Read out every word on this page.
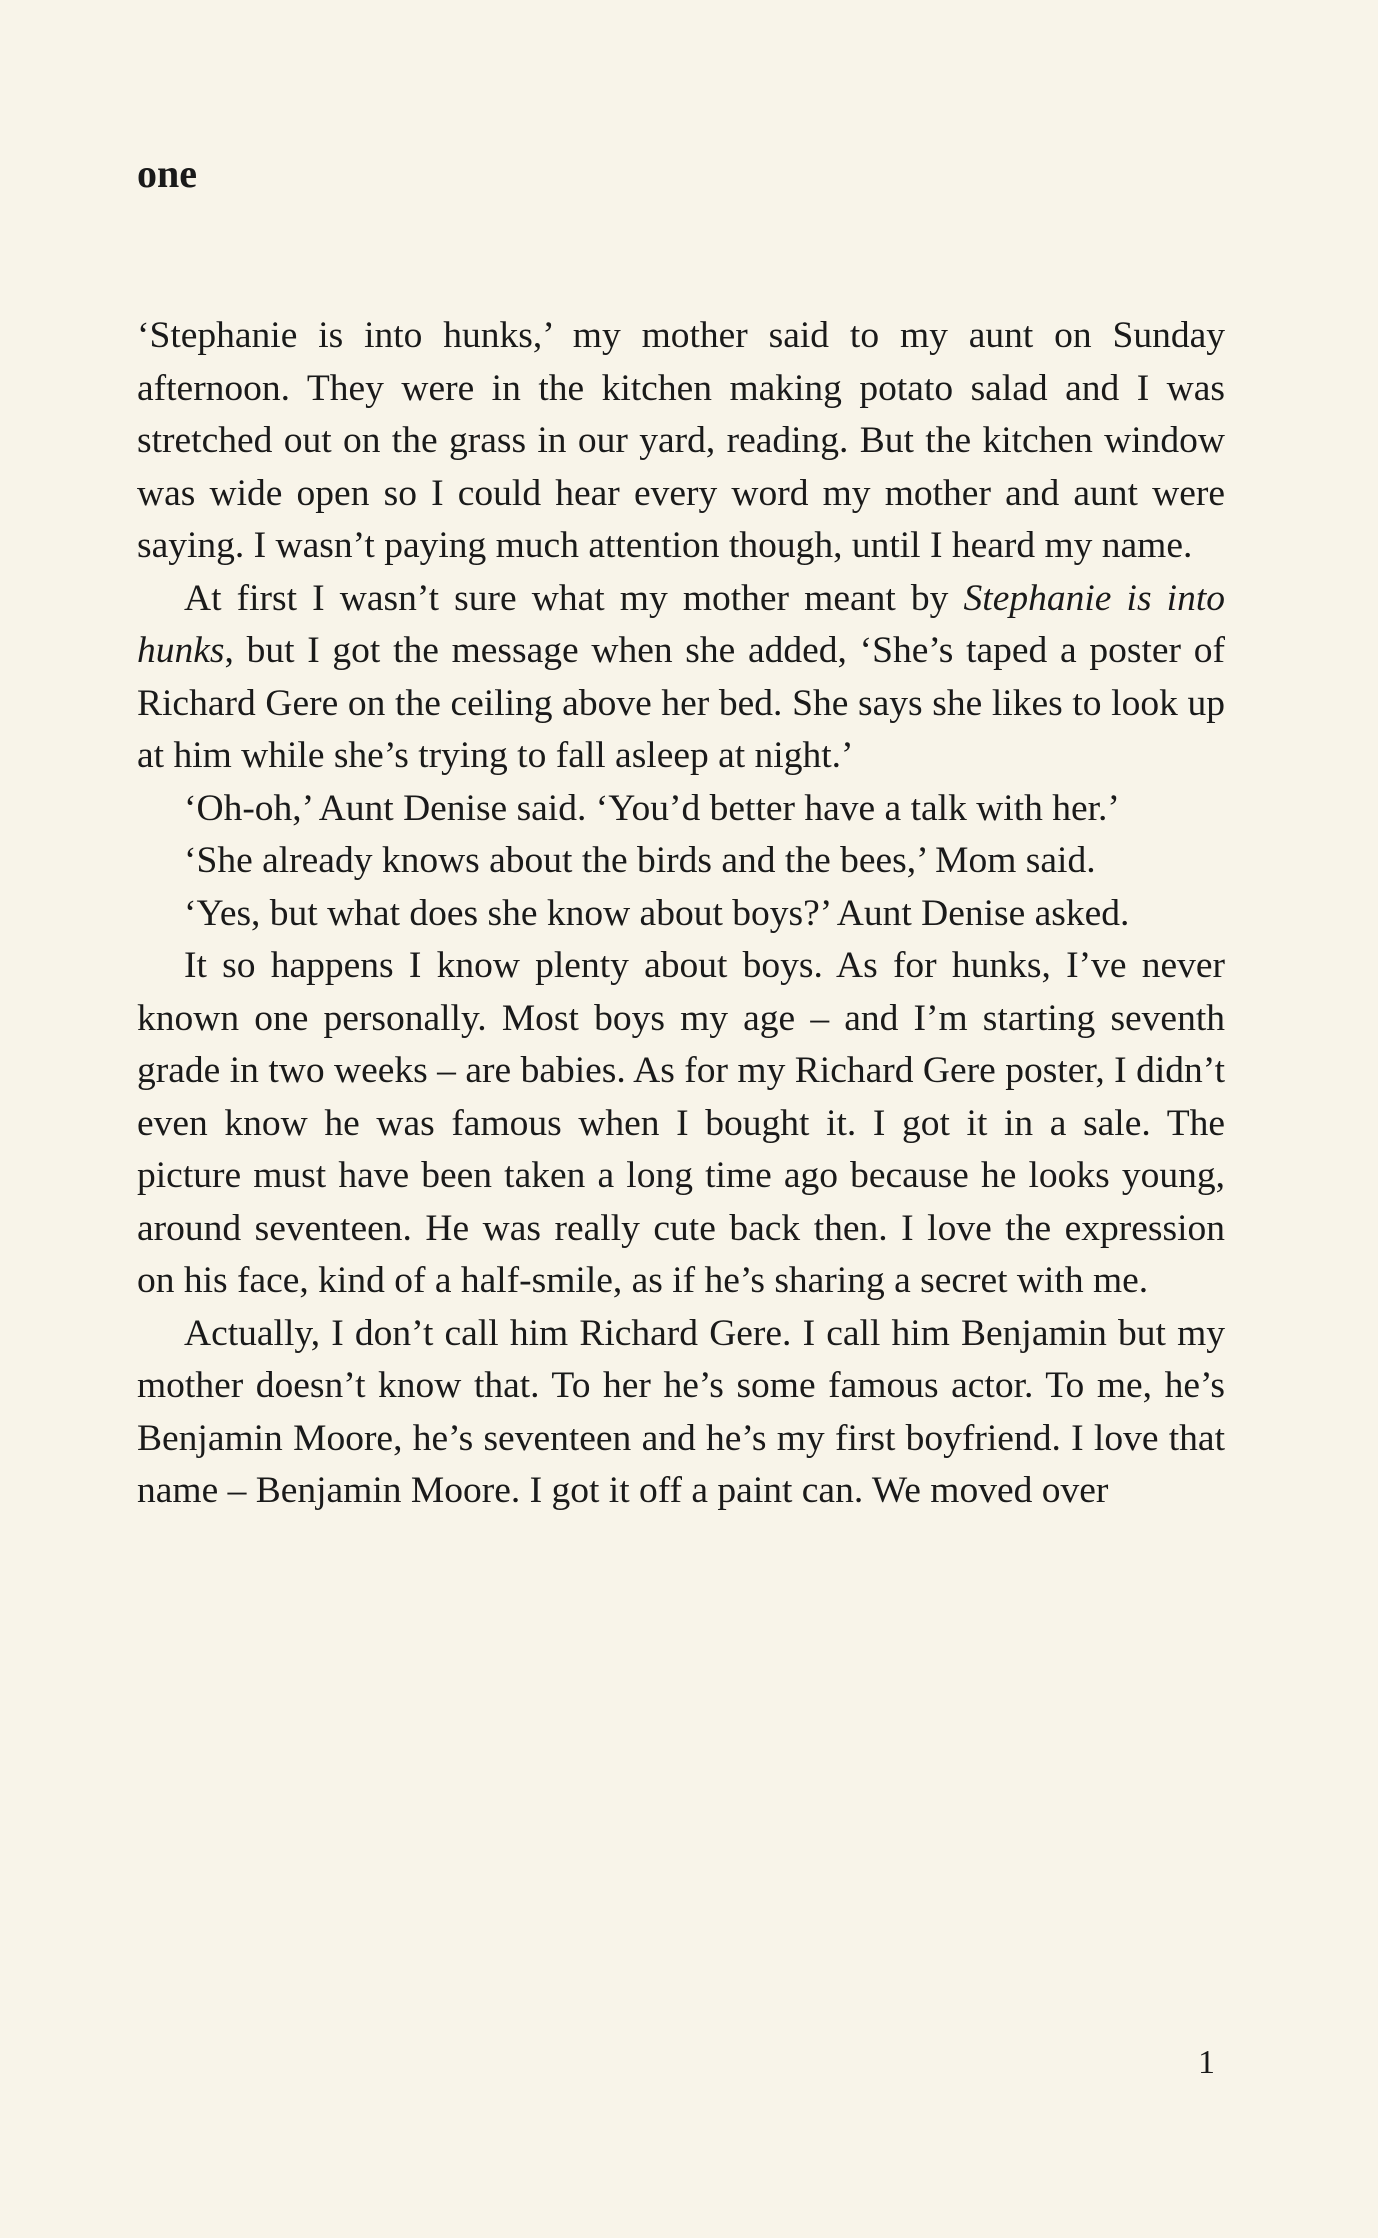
one

‘Stephanie is into hunks,’ my mother said to my aunt on Sunday afternoon. They were in the kitchen making potato salad and I was stretched out on the grass in our yard, reading. But the kitchen window was wide open so I could hear every word my mother and aunt were saying. I wasn’t paying much attention though, until I heard my name.

At first I wasn’t sure what my mother meant by Stephanie is into hunks, but I got the message when she added, ‘She’s taped a poster of Richard Gere on the ceiling above her bed. She says she likes to look up at him while she’s trying to fall asleep at night.’

‘Oh-oh,’ Aunt Denise said. ‘You’d better have a talk with her.’

‘She already knows about the birds and the bees,’ Mom said.

‘Yes, but what does she know about boys?’ Aunt Denise asked.

It so happens I know plenty about boys. As for hunks, I’ve never known one personally. Most boys my age – and I’m starting seventh grade in two weeks – are babies. As for my Richard Gere poster, I didn’t even know he was famous when I bought it. I got it in a sale. The picture must have been taken a long time ago because he looks young, around seventeen. He was really cute back then. I love the expression on his face, kind of a half-smile, as if he’s sharing a secret with me.

Actually, I don’t call him Richard Gere. I call him Benjamin but my mother doesn’t know that. To her he’s some famous actor. To me, he’s Benjamin Moore, he’s seventeen and he’s my first boyfriend. I love that name – Benjamin Moore. I got it off a paint can. We moved over

1
